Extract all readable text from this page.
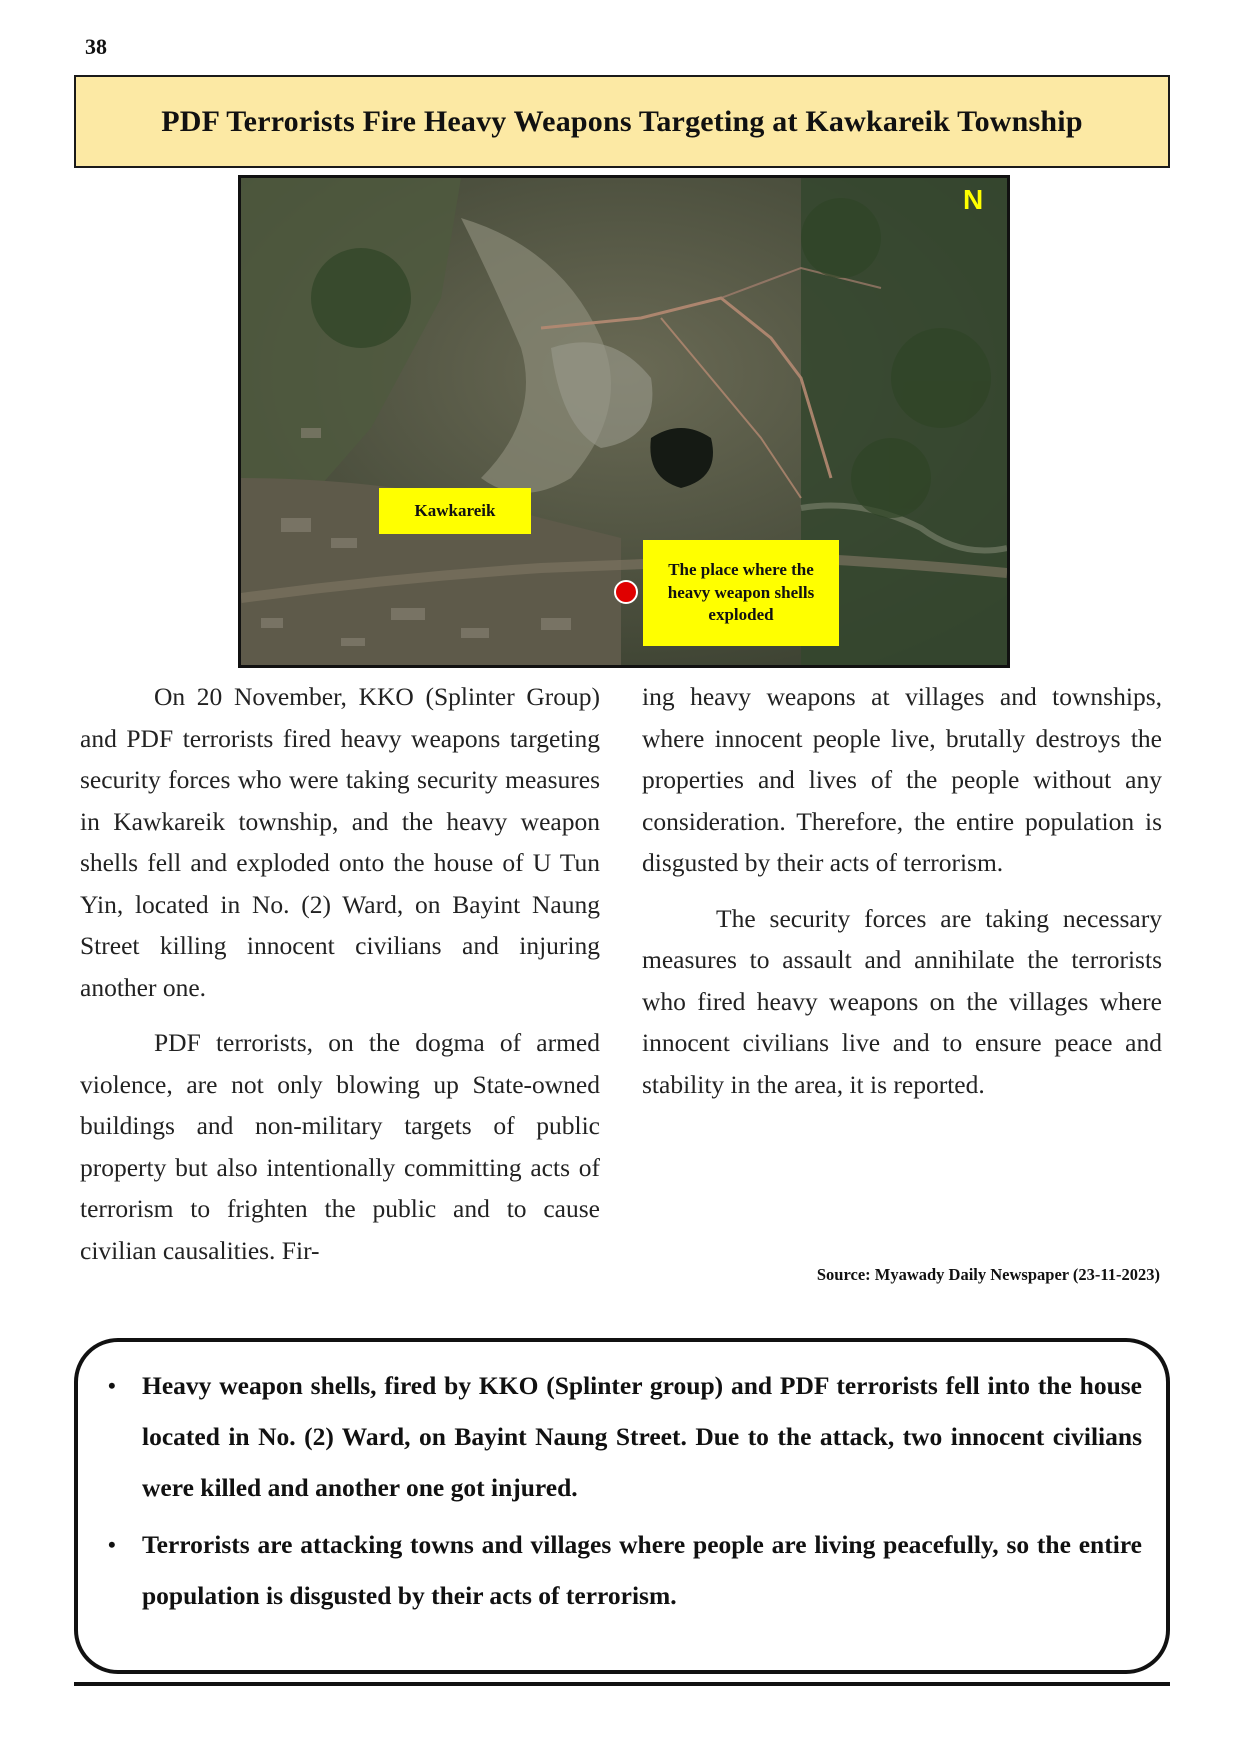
38
PDF Terrorists Fire Heavy Weapons Targeting at Kawkareik Township
N
Kawkareik
The place where the heavy weapon shells exploded

On 20 November, KKO (Splinter Group) and PDF terrorists fired heavy weapons targeting security forces who were taking security measures in Kawkareik township, and the heavy weapon shells fell and exploded onto the house of U Tun Yin, located in No. (2) Ward, on Bayint Naung Street killing innocent civilians and injuring another one.

PDF terrorists, on the dogma of armed violence, are not only blowing up State-owned buildings and non-military targets of public property but also intentionally committing acts of terrorism to frighten the public and to cause civilian causalities. Fir-

ing heavy weapons at villages and townships, where innocent people live, brutally destroys the properties and lives of the people without any consideration. Therefore, the entire population is disgusted by their acts of terrorism.

The security forces are taking necessary measures to assault and annihilate the terrorists who fired heavy weapons on the villages where innocent civilians live and to ensure peace and stability in the area, it is reported.

Source: Myawady Daily Newspaper (23-11-2023)
• Heavy weapon shells, fired by KKO (Splinter group) and PDF terrorists fell into the house located in No. (2) Ward, on Bayint Naung Street. Due to the attack, two innocent civilians were killed and another one got injured.
• Terrorists are attacking towns and villages where people are living peacefully, so the entire population is disgusted by their acts of terrorism.
